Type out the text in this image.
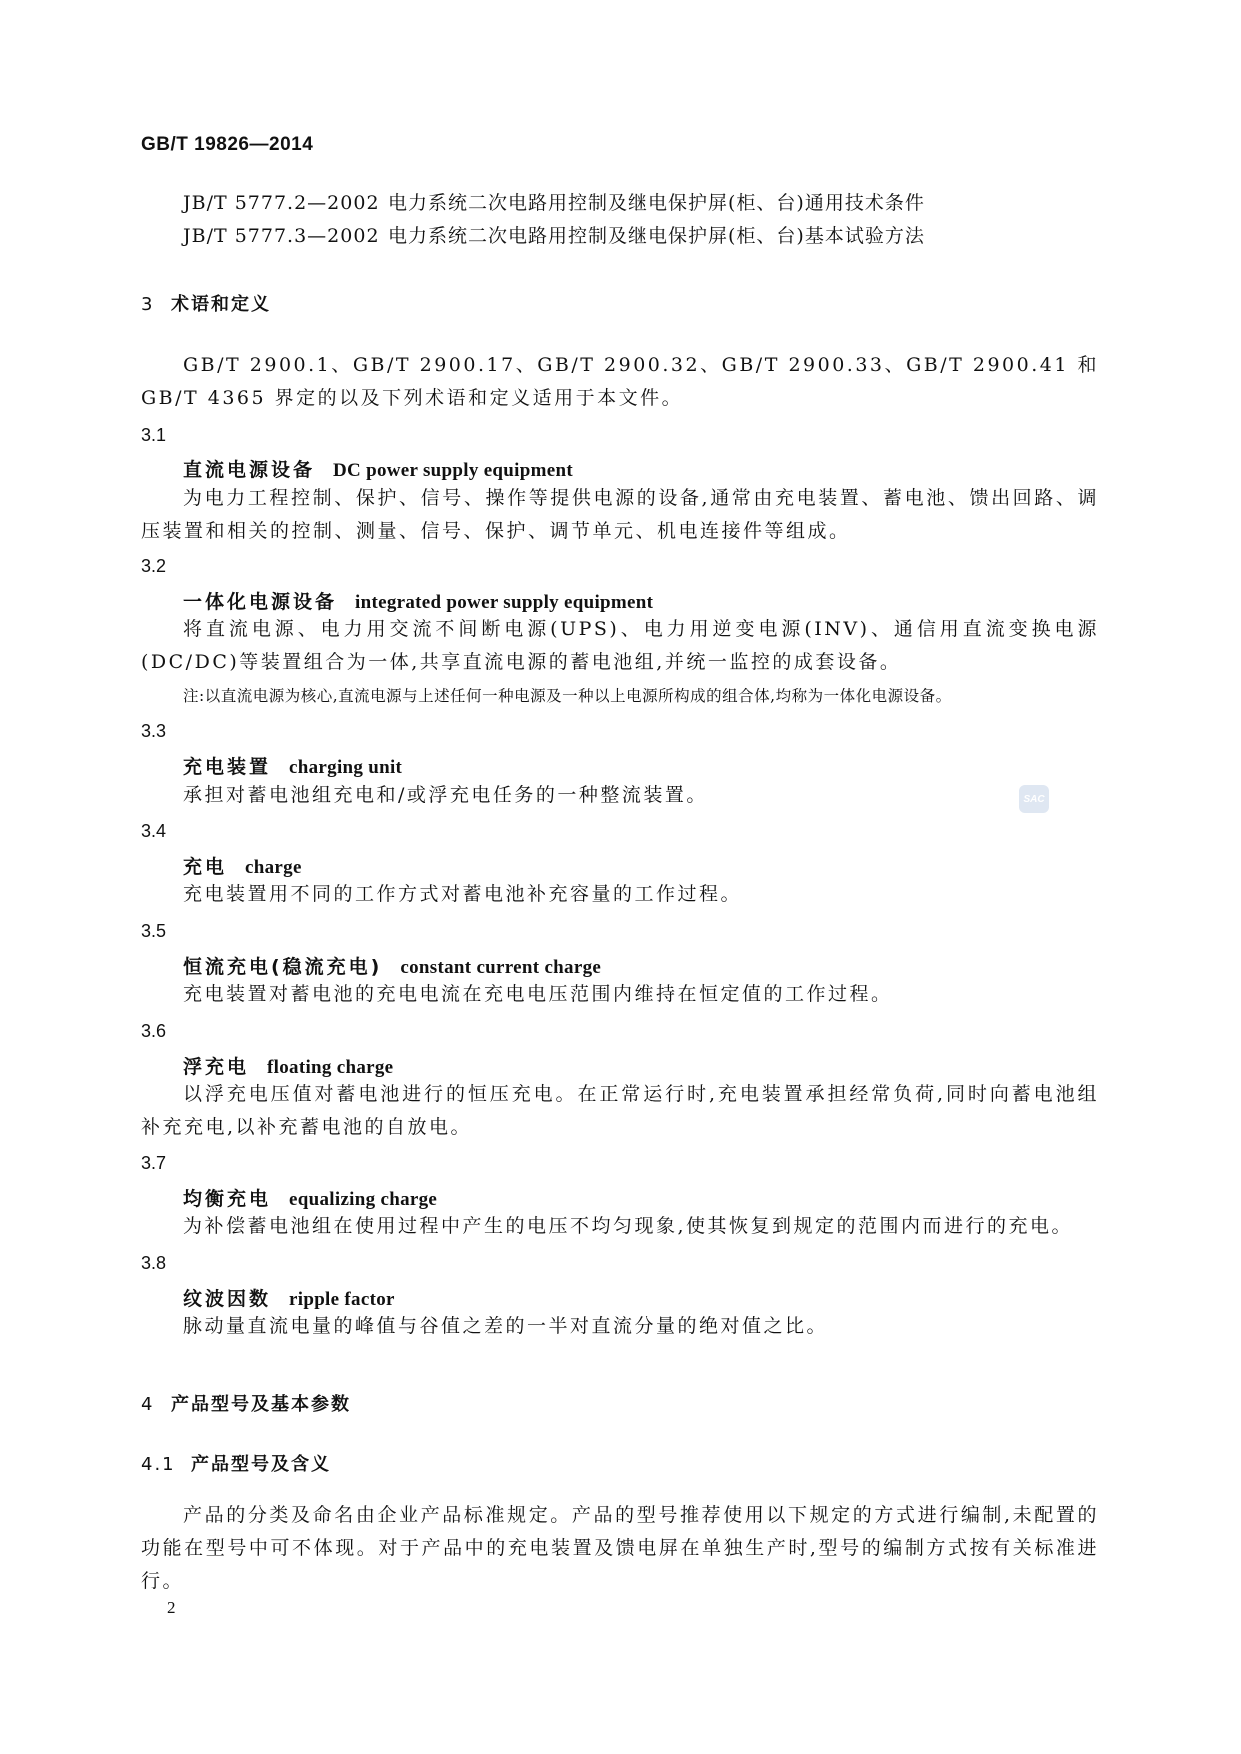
GB/T 19826—2014
JB/T 5777.2—2002 电力系统二次电路用控制及继电保护屏(柜、台)通用技术条件
JB/T 5777.3—2002 电力系统二次电路用控制及继电保护屏(柜、台)基本试验方法
3 术语和定义
GB/T 2900.1、GB/T 2900.17、GB/T 2900.32、GB/T 2900.33、GB/T 2900.41 和 GB/T 4365 界定的以及下列术语和定义适用于本文件。
3.1
直流电源设备 DC power supply equipment
为电力工程控制、保护、信号、操作等提供电源的设备,通常由充电装置、蓄电池、馈出回路、调压装置和相关的控制、测量、信号、保护、调节单元、机电连接件等组成。
3.2
一体化电源设备 integrated power supply equipment
将直流电源、电力用交流不间断电源(UPS)、电力用逆变电源(INV)、通信用直流变换电源(DC/DC)等装置组合为一体,共享直流电源的蓄电池组,并统一监控的成套设备。
注:以直流电源为核心,直流电源与上述任何一种电源及一种以上电源所构成的组合体,均称为一体化电源设备。
3.3
充电装置 charging unit
承担对蓄电池组充电和/或浮充电任务的一种整流装置。
3.4
充电 charge
充电装置用不同的工作方式对蓄电池补充容量的工作过程。
3.5
恒流充电(稳流充电) constant current charge
充电装置对蓄电池的充电电流在充电电压范围内维持在恒定值的工作过程。
3.6
浮充电 floating charge
以浮充电压值对蓄电池进行的恒压充电。在正常运行时,充电装置承担经常负荷,同时向蓄电池组补充充电,以补充蓄电池的自放电。
3.7
均衡充电 equalizing charge
为补偿蓄电池组在使用过程中产生的电压不均匀现象,使其恢复到规定的范围内而进行的充电。
3.8
纹波因数 ripple factor
脉动量直流电量的峰值与谷值之差的一半对直流分量的绝对值之比。
4 产品型号及基本参数
4.1 产品型号及含义
产品的分类及命名由企业产品标准规定。产品的型号推荐使用以下规定的方式进行编制,未配置的功能在型号中可不体现。对于产品中的充电装置及馈电屏在单独生产时,型号的编制方式按有关标准进行。
SAC
2
